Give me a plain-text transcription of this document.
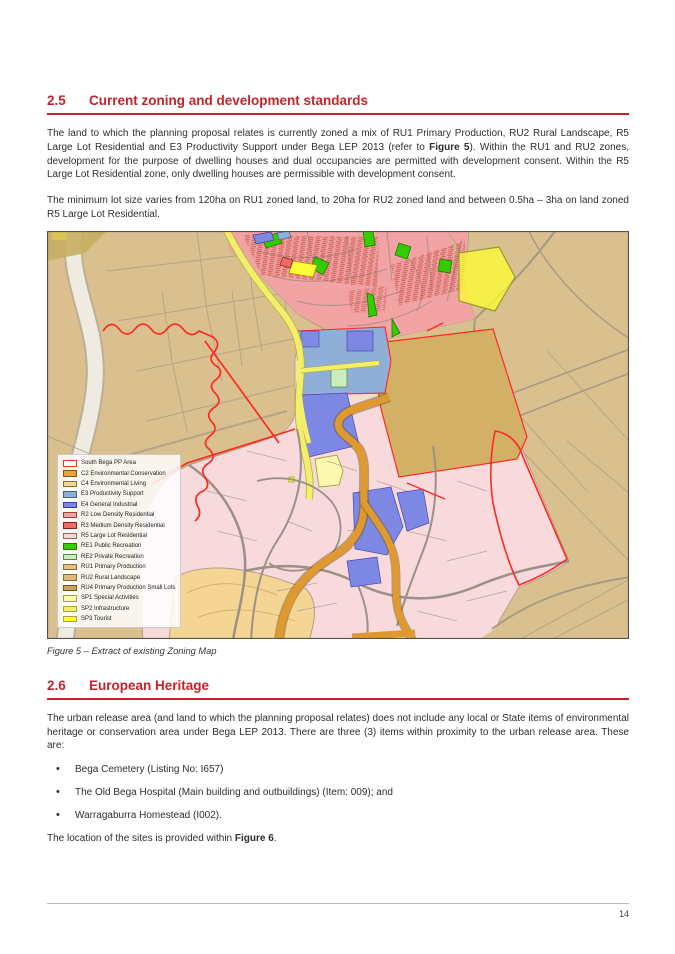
2.5	Current zoning and development standards

The land to which the planning proposal relates is currently zoned a mix of RU1 Primary Production, RU2 Rural Landscape, R5 Large Lot Residential and E3 Productivity Support under Bega LEP 2013 (refer to Figure 5). Within the RU1 and RU2 zones, development for the purpose of dwelling houses and dual occupancies are permitted with development consent. Within the R5 Large Lot Residential zone, only dwelling houses are permissible with development consent.

The minimum lot size varies from 120ha on RU1 zoned land, to 20ha for RU2 zoned land and between 0.5ha – 3ha on land zoned R5 Large Lot Residential.

South Bega PP Area
C2 Environmental Conservation
C4 Environmental Living
E3 Productivity Support
E4 General Industrial
R2 Low Density Residential
R3 Medium Density Residential
R5 Large Lot Residential
RE1 Public Recreation
RE2 Private Recreation
RU1 Primary Production
RU2 Rural Landscape
RU4 Primary Production Small Lots
SP1 Special Activities
SP2 Infrastructure
SP3 Tourist
Figure 5 – Extract of existing Zoning Map
2.6	European Heritage

The urban release area (and land to which the planning proposal relates) does not include any local or State items of environmental heritage or conservation area under Bega LEP 2013. There are three (3) items within proximity to the urban release area. These are:

• Bega Cemetery (Listing No: I657)
• The Old Bega Hospital (Main building and outbuildings) (Item: 009); and
• Warragaburra Homestead (I002).

The location of the sites is provided within Figure 6.

14
